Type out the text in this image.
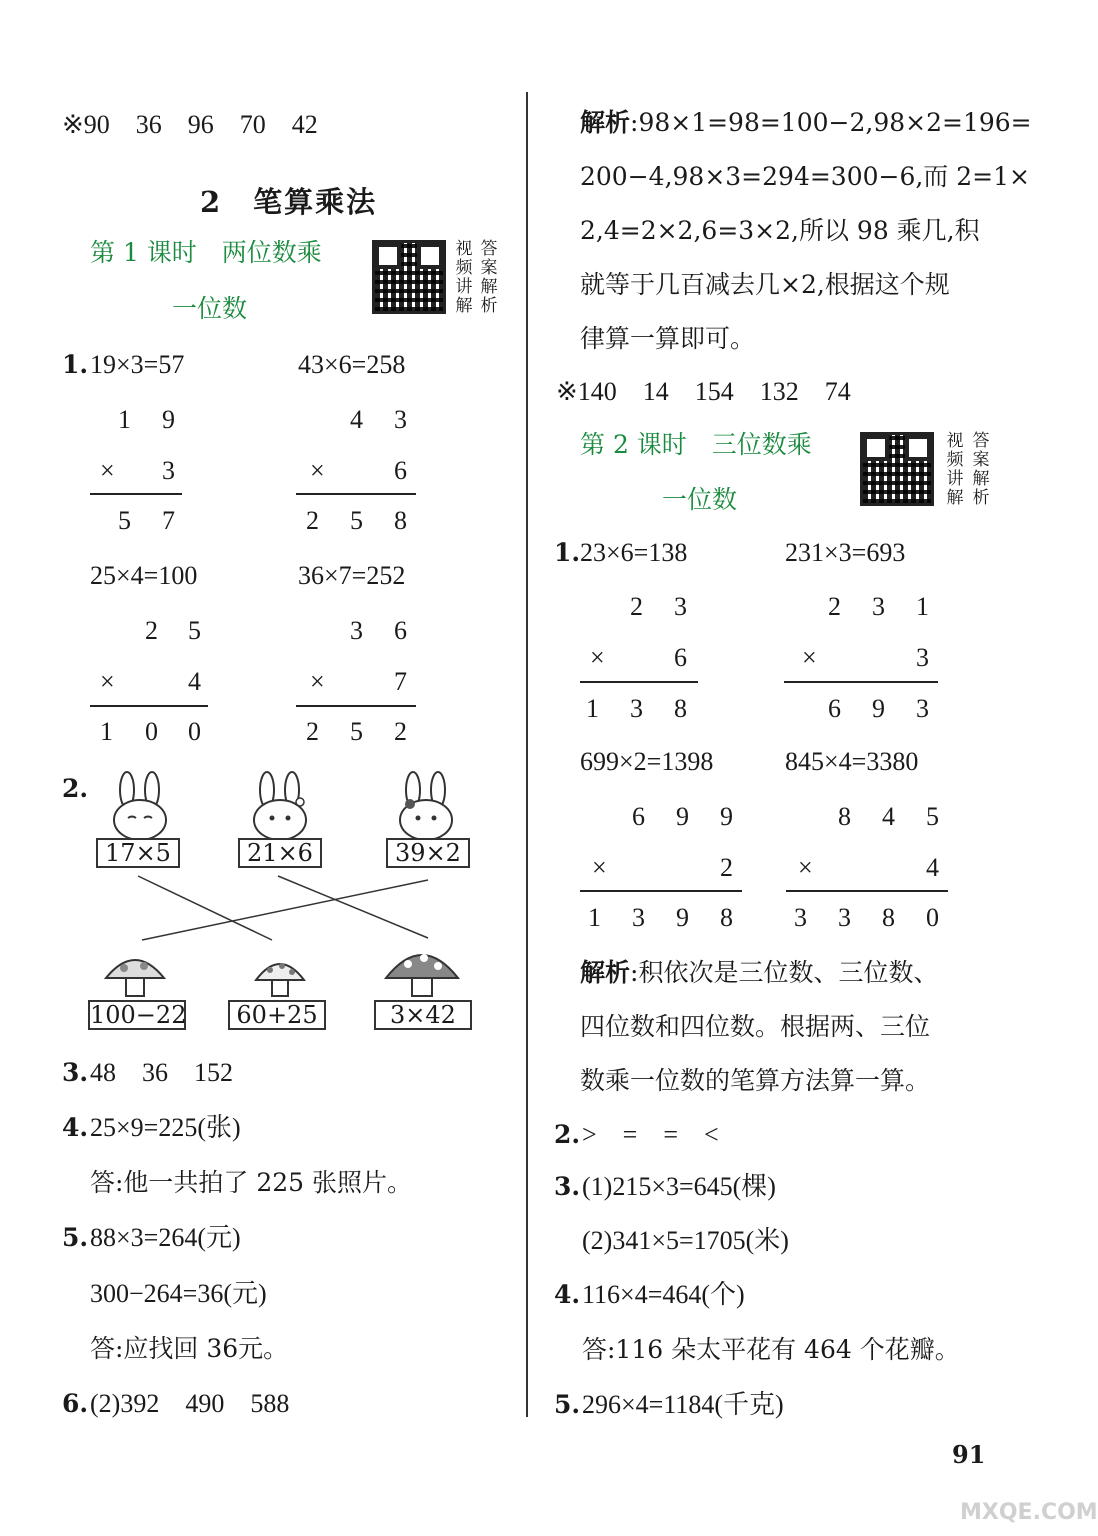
※90　36　96　70　42
2　笔算乘法
第 1 课时　两位数乘
一位数
视频讲解
答案解析
1. 19×3=57	43×6=258
1 9
× 3
5 7
4 3
×	6
2 5 8
25×4=100	36×7=252
2 5
×	4
1 0 0
3 6
×	7
2 5 2
2.
17×5	21×6	39×2
100−22	60+25	3×42
3. 48　36　152
4. 25×9=225(张)
答:他一共拍了 225 张照片。
5. 88×3=264(元)
300−264=36(元)
答:应找回 36元。
6. (2)392　490　588
解析:98×1=98=100−2,98×2=196=
200−4,98×3=294=300−6,而 2=1×
2,4=2×2,6=3×2,所以 98 乘几,积
就等于几百减去几×2,根据这个规
律算一算即可。
※140　14　154　132　74
第 2 课时　三位数乘
一位数
视频讲解
答案解析
1. 23×6=138	231×3=693
2 3
×	6
1 3 8
2 3 1
×	3
6 9 3
699×2=1398	845×4=3380
6 9 9
×	2
1 3 9 8
8 4 5
×	4
3 3 8 0
解析:积依次是三位数、三位数、
四位数和四位数。根据两、三位
数乘一位数的笔算方法算一算。
2. >　=　=　<
3. (1)215×3=645(棵)
(2)341×5=1705(米)
4. 116×4=464(个)
答:116 朵太平花有 464 个花瓣。
5. 296×4=1184(千克)
91
MXQE.COM
